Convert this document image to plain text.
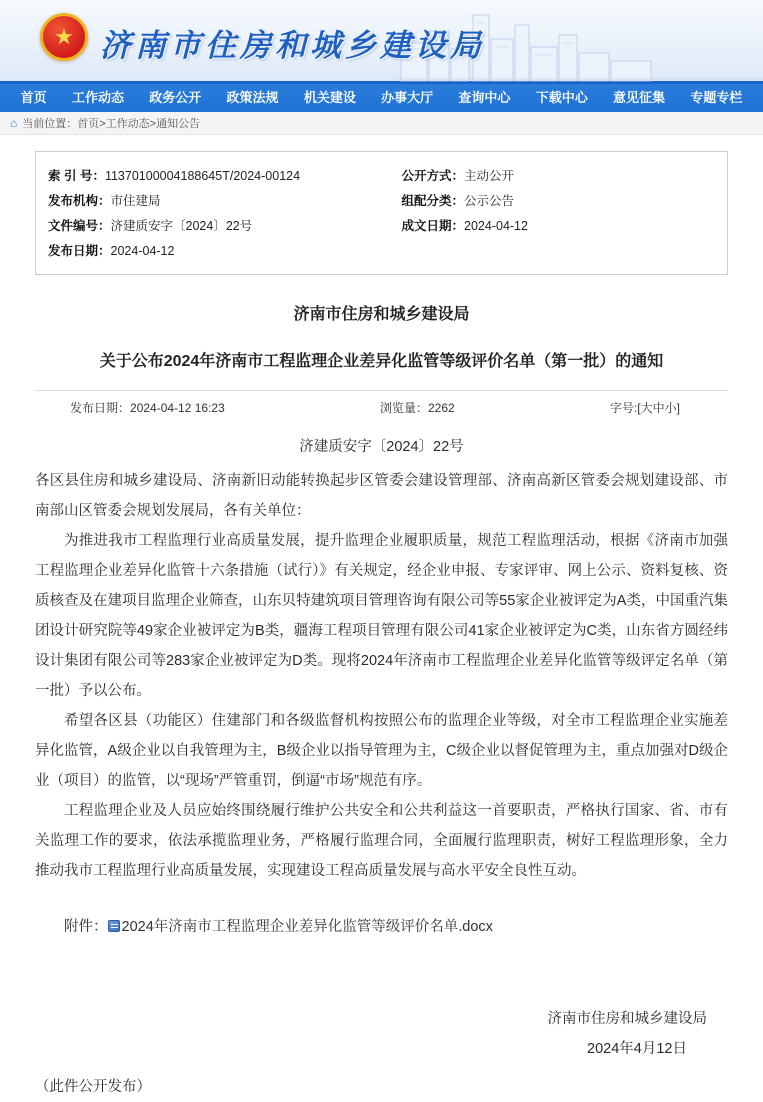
★ 济南市住房和城乡建设局
首页	工作动态	政务公开	政策法规	机关建设	办事大厅	查询中心	下载中心	意见征集	专题专栏
⌂ 当前位置： 首页>工作动态>通知公告
索 引 号：11370100004188645T/2024-00124
发布机构：市住建局
文件编号：济建质安字〔2024〕22号
发布日期：2024-04-12
公开方式：主动公开
组配分类：公示公告
成文日期：2024-04-12
济南市住房和城乡建设局
关于公布2024年济南市工程监理企业差异化监管等级评价名单（第一批）的通知
发布日期：2024-04-12 16:23	浏览量：2262	字号:[大中小]
济建质安字〔2024〕22号
各区县住房和城乡建设局、济南新旧动能转换起步区管委会建设管理部、济南高新区管委会规划建设部、市南部山区管委会规划发展局，各有关单位：

为推进我市工程监理行业高质量发展，提升监理企业履职质量，规范工程监理活动，根据《济南市加强工程监理企业差异化监管十六条措施（试行）》有关规定，经企业申报、专家评审、网上公示、资料复核、资质核查及在建项目监理企业筛查，山东贝特建筑项目管理咨询有限公司等55家企业被评定为A类，中国重汽集团设计研究院等49家企业被评定为B类，疆海工程项目管理有限公司41家企业被评定为C类，山东省方圆经纬设计集团有限公司等283家企业被评定为D类。现将2024年济南市工程监理企业差异化监管等级评定名单（第一批）予以公布。

希望各区县（功能区）住建部门和各级监督机构按照公布的监理企业等级，对全市工程监理企业实施差异化监管，A级企业以自我管理为主，B级企业以指导管理为主，C级企业以督促管理为主，重点加强对D级企业（项目）的监管，以“现场”严管重罚，倒逼“市场”规范有序。

工程监理企业及人员应始终围绕履行维护公共安全和公共利益这一首要职责，严格执行国家、省、市有关监理工作的要求，依法承揽监理业务，严格履行监理合同，全面履行监理职责，树好工程监理形象，全力推动我市工程监理行业高质量发展，实现建设工程高质量发展与高水平安全良性互动。

附件： 2024年济南市工程监理企业差异化监管等级评价名单.docx
济南市住房和城乡建设局
2024年4月12日
（此件公开发布）
